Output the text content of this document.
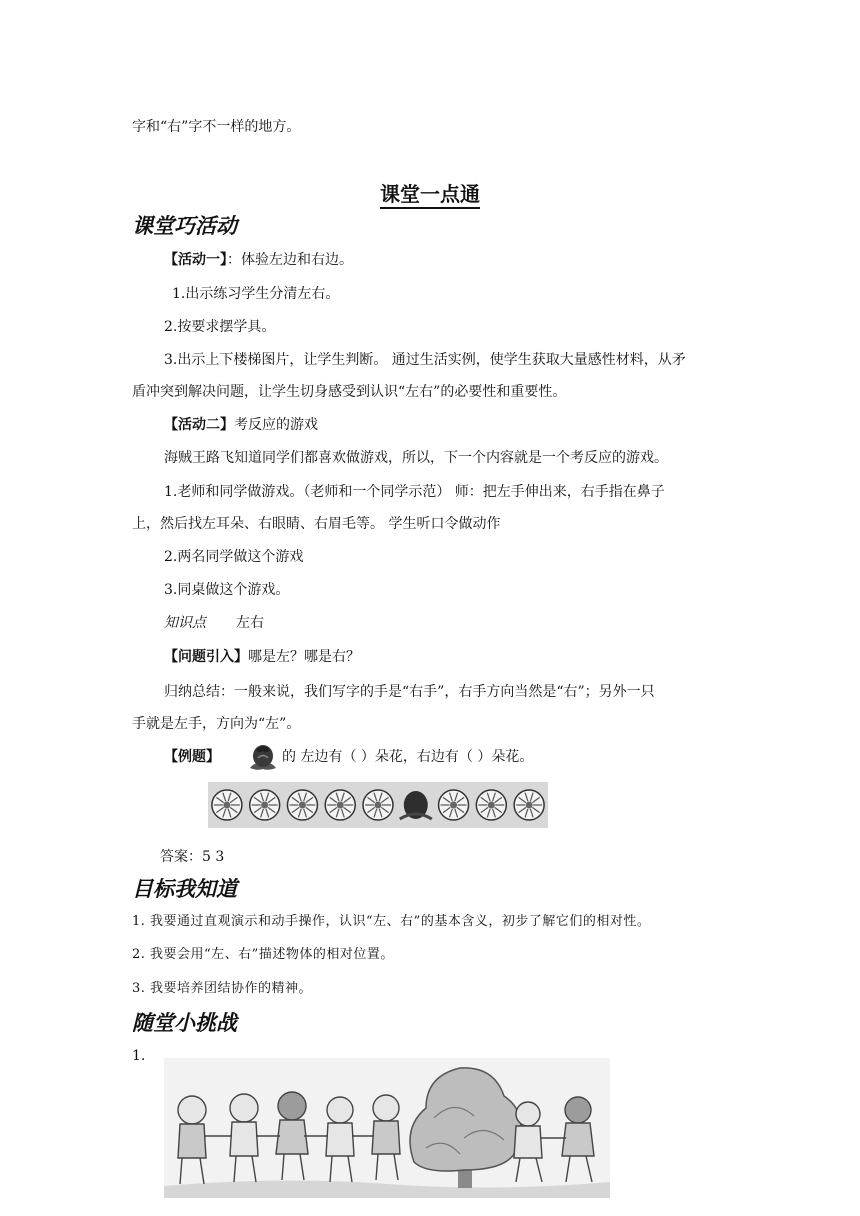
字和“右”字不一样的地方。
课堂一点通
课堂巧活动
【活动一】：体验左边和右边。
1.出示练习学生分清左右。
2.按要求摆学具。
3.出示上下楼梯图片，让学生判断。 通过生活实例，使学生获取大量感性材料，从矛
盾冲突到解决问题，让学生切身感受到认识“左右”的必要性和重要性。
【活动二】考反应的游戏
海贼王路飞知道同学们都喜欢做游戏，所以，下一个内容就是一个考反应的游戏。
1.老师和同学做游戏。（老师和一个同学示范） 师：把左手伸出来，右手指在鼻子
上，然后找左耳朵、右眼睛、右眉毛等。 学生听口令做动作
2.两名同学做这个游戏
3.同桌做这个游戏。
知识点 左右
【问题引入】哪是左？哪是右？
归纳总结：一般来说，我们写字的手是“右手”，右手方向当然是“右”；另外一只
手就是左手，方向为“左”。
【例题】	的 左边有（ ）朵花，右边有（ ）朵花。
答案：5 3
目标我知道
1. 我要通过直观演示和动手操作，认识“左、右”的基本含义，初步了解它们的相对性。
2. 我要会用“左、右”描述物体的相对位置。
3. 我要培养团结协作的精神。
随堂小挑战
1.
